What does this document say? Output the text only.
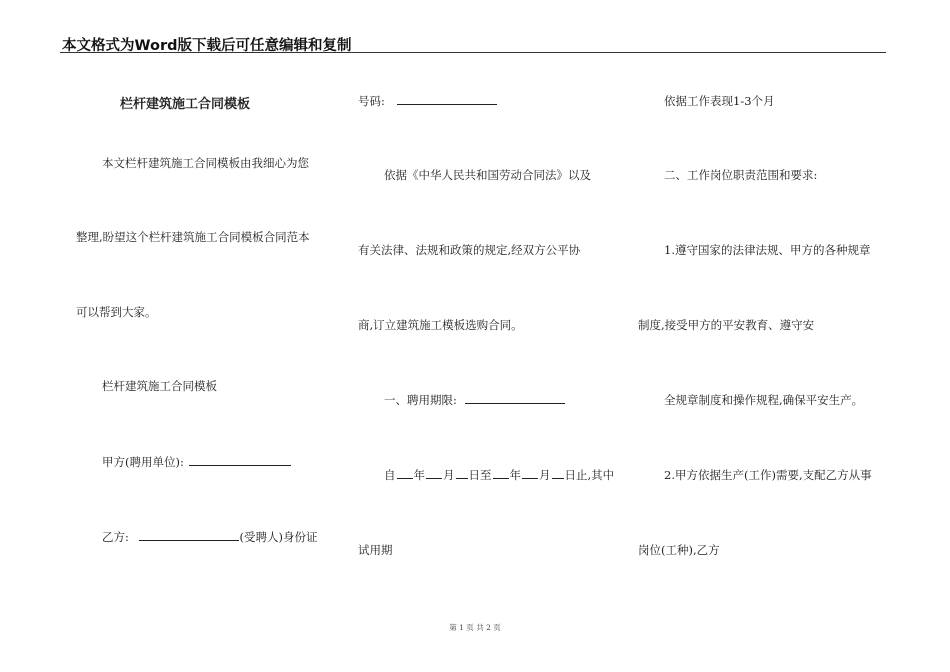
本文格式为Word版下载后可任意编辑和复制
栏杆建筑施工合同模板
本文栏杆建筑施工合同模板由我细心为您
整理,盼望这个栏杆建筑施工合同模板合同范本
可以帮到大家。
栏杆建筑施工合同模板
甲方(聘用单位):
乙方:	(受聘人)身份证
号码:
依据《中华人民共和国劳动合同法》以及
有关法律、法规和政策的规定,经双方公平协
商,订立建筑施工模板选购合同。
一、聘用期限:
自 年 月 日至 年 月 日止,其中
试用期
依据工作表现1-3个月
二、工作岗位职责范围和要求:
1.遵守国家的法律法规、甲方的各种规章
制度,接受甲方的平安教育、遵守安
全规章制度和操作规程,确保平安生产。
2.甲方依据生产(工作)需要,支配乙方从事
岗位(工种),乙方
第 1 页 共 2 页
